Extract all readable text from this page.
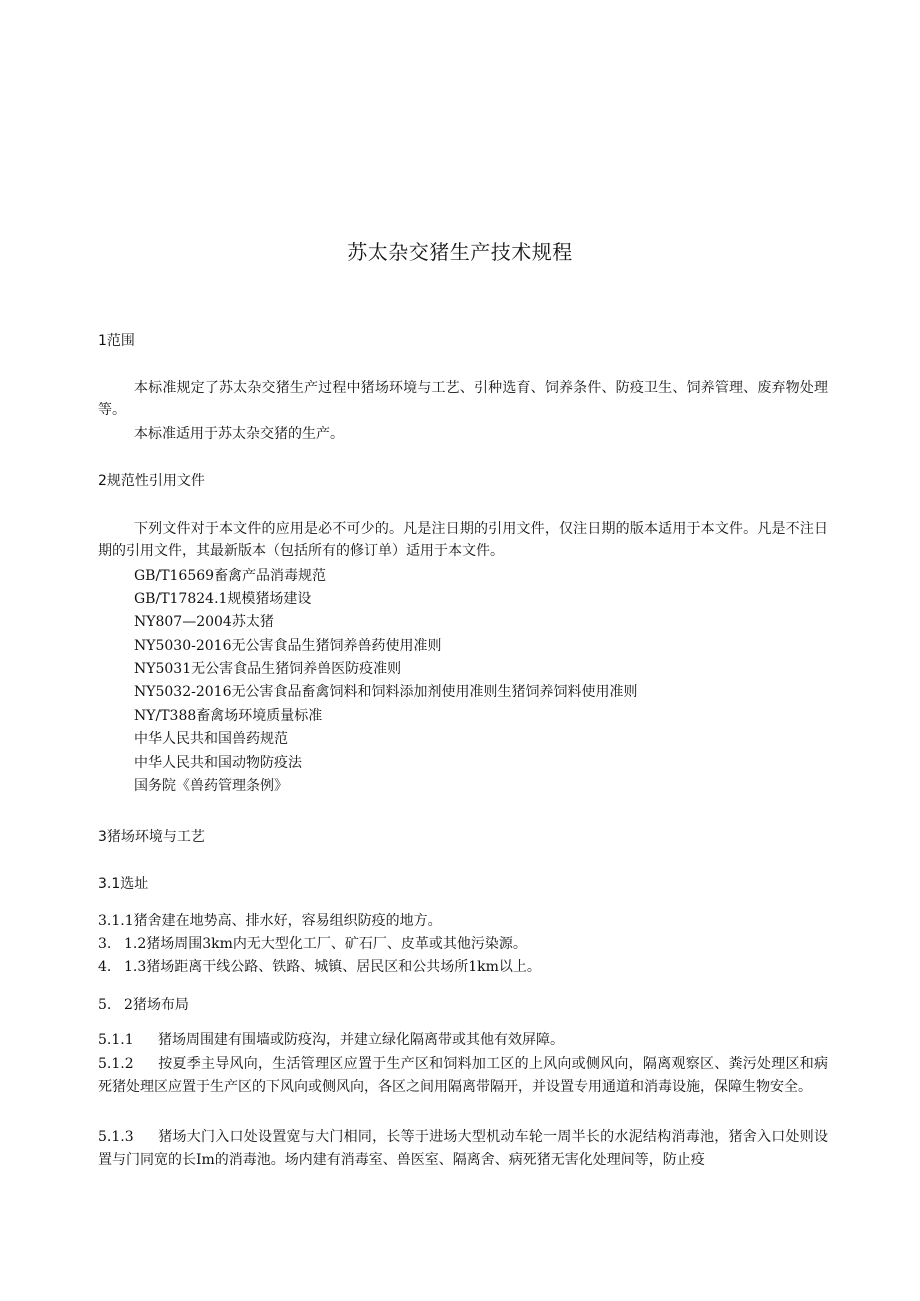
苏太杂交猪生产技术规程
1范围
本标准规定了苏太杂交猪生产过程中猪场环境与工艺、引种选育、饲养条件、防疫卫生、饲养管理、废弃物处理等。
本标准适用于苏太杂交猪的生产。
2规范性引用文件
下列文件对于本文件的应用是必不可少的。凡是注日期的引用文件，仅注日期的版本适用于本文件。凡是不注日期的引用文件，其最新版本（包括所有的修订单）适用于本文件。
GB/T16569畜禽产品消毒规范
GB/T17824.1规模猪场建设
NY807—2004苏太猪
NY5030-2016无公害食品生猪饲养兽药使用准则
NY5031无公害食品生猪饲养兽医防疫准则
NY5032-2016无公害食品畜禽饲料和饲料添加剂使用准则生猪饲养饲料使用准则
NY/T388畜禽场环境质量标准
中华人民共和国兽药规范
中华人民共和国动物防疫法
国务院《兽药管理条例》
3猪场环境与工艺
3.1选址
3.1.1猪舍建在地势高、排水好，容易组织防疫的地方。
3. 1.2猪场周围3km内无大型化工厂、矿石厂、皮革或其他污染源。
4. 1.3猪场距离干线公路、铁路、城镇、居民区和公共场所1km以上。
5. 2猪场布局
5.1.1 猪场周围建有围墙或防疫沟，并建立绿化隔离带或其他有效屏障。
5.1.2 按夏季主导风向，生活管理区应置于生产区和饲料加工区的上风向或侧风向，隔离观察区、粪污处理区和病死猪处理区应置于生产区的下风向或侧风向，各区之间用隔离带隔开，并设置专用通道和消毒设施，保障生物安全。
5.1.3 猪场大门入口处设置宽与大门相同，长等于进场大型机动车轮一周半长的水泥结构消毒池，猪舍入口处则设置与门同宽的长Im的消毒池。场内建有消毒室、兽医室、隔离舍、病死猪无害化处理间等，防止疫
